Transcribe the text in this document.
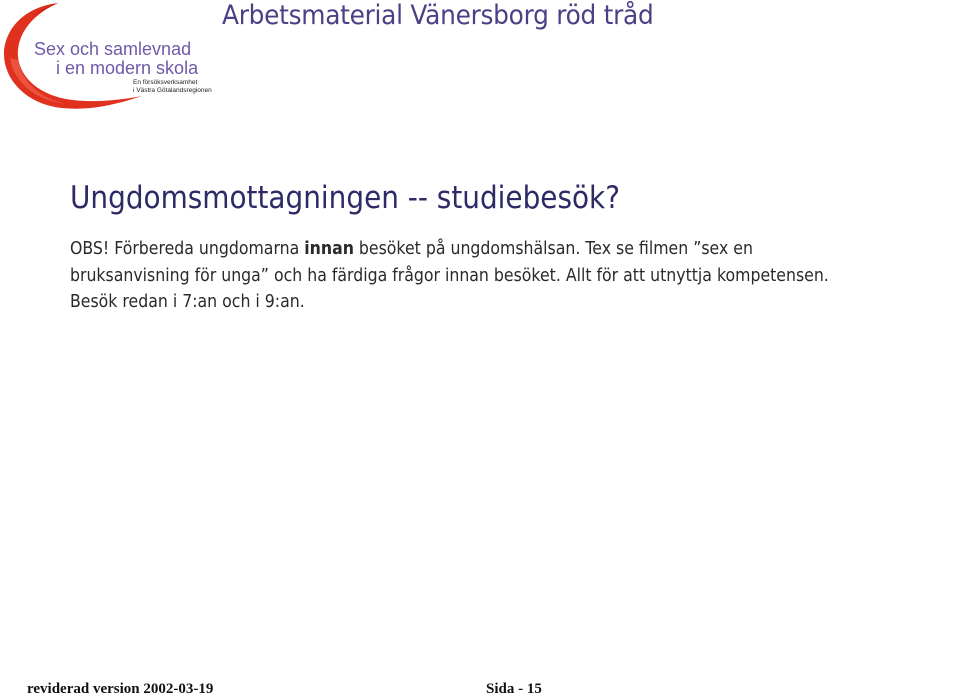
Sex och samlevnad
i en modern skola
En försöksverksamhet
i Västra Götalandsregionen
Arbetsmaterial Vänersborg röd tråd
Ungdomsmottagningen -- studiebesök?
OBS! Förbereda ungdomarna innan besöket på ungdomshälsan. Tex se filmen ”sex en
bruksanvisning för unga” och ha färdiga frågor innan besöket. Allt för att utnyttja kompetensen.
Besök redan i 7:an och i 9:an.
reviderad version 2002-03-19	Sida - 15
